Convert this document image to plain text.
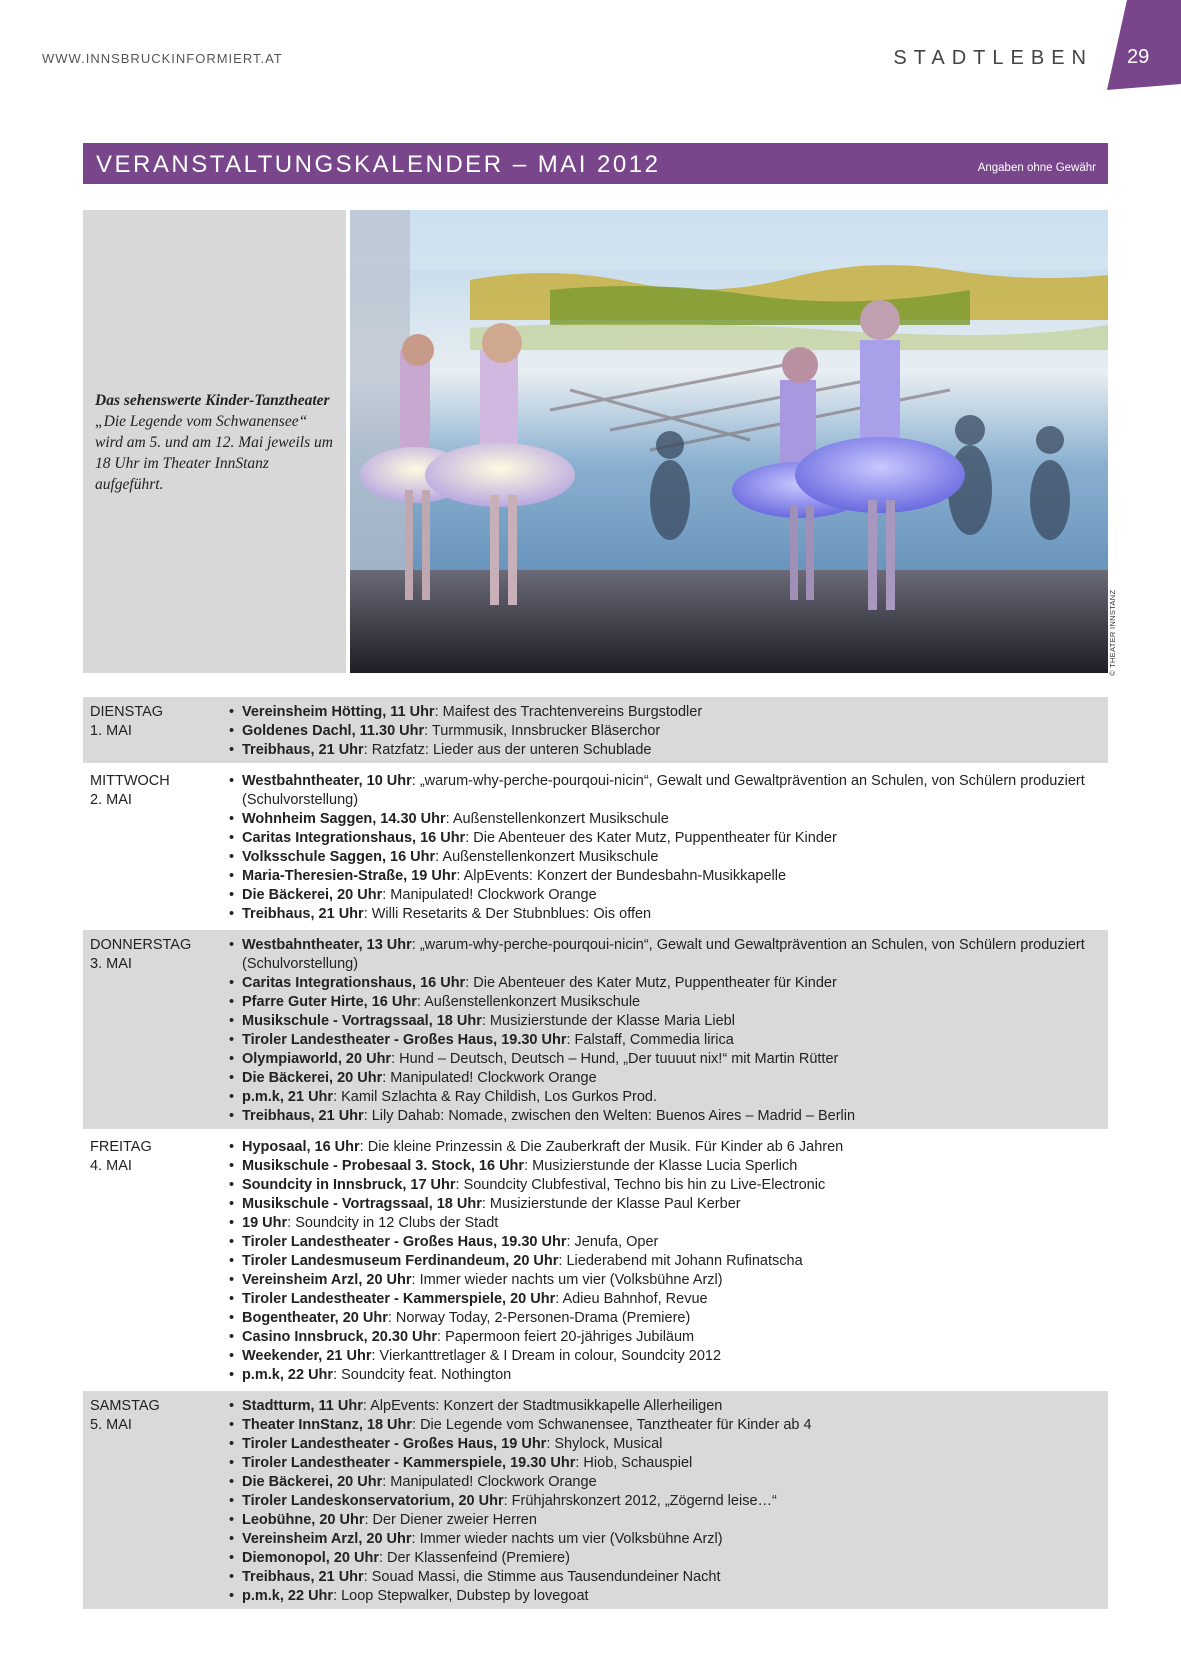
WWW.INNSBRUCKINFORMIERT.AT	STADTLEBEN 29
VERANSTALTUNGSKALENDER – MAI 2012	Angaben ohne Gewähr
Das sehenswerte Kinder-Tanztheater „Die Legende vom Schwanensee“ wird am 5. und am 12. Mai jeweils um 18 Uhr im Theater InnStanz aufgeführt.
© THEATER INNSTANZ
DIENSTAG
1. MAI
• Vereinsheim Hötting, 11 Uhr: Maifest des Trachtenvereins Burgstodler
• Goldenes Dachl, 11.30 Uhr: Turmmusik, Innsbrucker Bläserchor
• Treibhaus, 21 Uhr: Ratzfatz: Lieder aus der unteren Schublade
MITTWOCH
2. MAI
• Westbahntheater, 10 Uhr: „warum-why-perche-pourqoui-nicin“, Gewalt und Gewaltprävention an Schulen, von Schülern produziert (Schulvorstellung)
• Wohnheim Saggen, 14.30 Uhr: Außenstellenkonzert Musikschule
• Caritas Integrationshaus, 16 Uhr: Die Abenteuer des Kater Mutz, Puppentheater für Kinder
• Volksschule Saggen, 16 Uhr: Außenstellenkonzert Musikschule
• Maria-Theresien-Straße, 19 Uhr: AlpEvents: Konzert der Bundesbahn-Musikkapelle
• Die Bäckerei, 20 Uhr: Manipulated! Clockwork Orange
• Treibhaus, 21 Uhr: Willi Resetarits & Der Stubnblues: Ois offen
DONNERSTAG
3. MAI
• Westbahntheater, 13 Uhr: „warum-why-perche-pourqoui-nicin“, Gewalt und Gewaltprävention an Schulen, von Schülern produziert (Schulvorstellung)
• Caritas Integrationshaus, 16 Uhr: Die Abenteuer des Kater Mutz, Puppentheater für Kinder
• Pfarre Guter Hirte, 16 Uhr: Außenstellenkonzert Musikschule
• Musikschule - Vortragssaal, 18 Uhr: Musizierstunde der Klasse Maria Liebl
• Tiroler Landestheater - Großes Haus, 19.30 Uhr: Falstaff, Commedia lirica
• Olympiaworld, 20 Uhr: Hund – Deutsch, Deutsch – Hund, „Der tuuuut nix!“ mit Martin Rütter
• Die Bäckerei, 20 Uhr: Manipulated! Clockwork Orange
• p.m.k, 21 Uhr: Kamil Szlachta & Ray Childish, Los Gurkos Prod.
• Treibhaus, 21 Uhr: Lily Dahab: Nomade, zwischen den Welten: Buenos Aires – Madrid – Berlin
FREITAG
4. MAI
• Hyposaal, 16 Uhr: Die kleine Prinzessin & Die Zauberkraft der Musik. Für Kinder ab 6 Jahren
• Musikschule - Probesaal 3. Stock, 16 Uhr: Musizierstunde der Klasse Lucia Sperlich
• Soundcity in Innsbruck, 17 Uhr: Soundcity Clubfestival, Techno bis hin zu Live-Electronic
• Musikschule - Vortragssaal, 18 Uhr: Musizierstunde der Klasse Paul Kerber
• 19 Uhr: Soundcity in 12 Clubs der Stadt
• Tiroler Landestheater - Großes Haus, 19.30 Uhr: Jenufa, Oper
• Tiroler Landesmuseum Ferdinandeum, 20 Uhr: Liederabend mit Johann Rufinatscha
• Vereinsheim Arzl, 20 Uhr: Immer wieder nachts um vier (Volksbühne Arzl)
• Tiroler Landestheater - Kammerspiele, 20 Uhr: Adieu Bahnhof, Revue
• Bogentheater, 20 Uhr: Norway Today, 2-Personen-Drama (Premiere)
• Casino Innsbruck, 20.30 Uhr: Papermoon feiert 20-jähriges Jubiläum
• Weekender, 21 Uhr: Vierkanttretlager & I Dream in colour, Soundcity 2012
• p.m.k, 22 Uhr: Soundcity feat. Nothington
SAMSTAG
5. MAI
• Stadtturm, 11 Uhr: AlpEvents: Konzert der Stadtmusikkapelle Allerheiligen
• Theater InnStanz, 18 Uhr: Die Legende vom Schwanensee, Tanztheater für Kinder ab 4
• Tiroler Landestheater - Großes Haus, 19 Uhr: Shylock, Musical
• Tiroler Landestheater - Kammerspiele, 19.30 Uhr: Hiob, Schauspiel
• Die Bäckerei, 20 Uhr: Manipulated! Clockwork Orange
• Tiroler Landeskonservatorium, 20 Uhr: Frühjahrskonzert 2012, „Zögernd leise…“
• Leobühne, 20 Uhr: Der Diener zweier Herren
• Vereinsheim Arzl, 20 Uhr: Immer wieder nachts um vier (Volksbühne Arzl)
• Diemonopol, 20 Uhr: Der Klassenfeind (Premiere)
• Treibhaus, 21 Uhr: Souad Massi, die Stimme aus Tausendundeiner Nacht
• p.m.k, 22 Uhr: Loop Stepwalker, Dubstep by lovegoat
